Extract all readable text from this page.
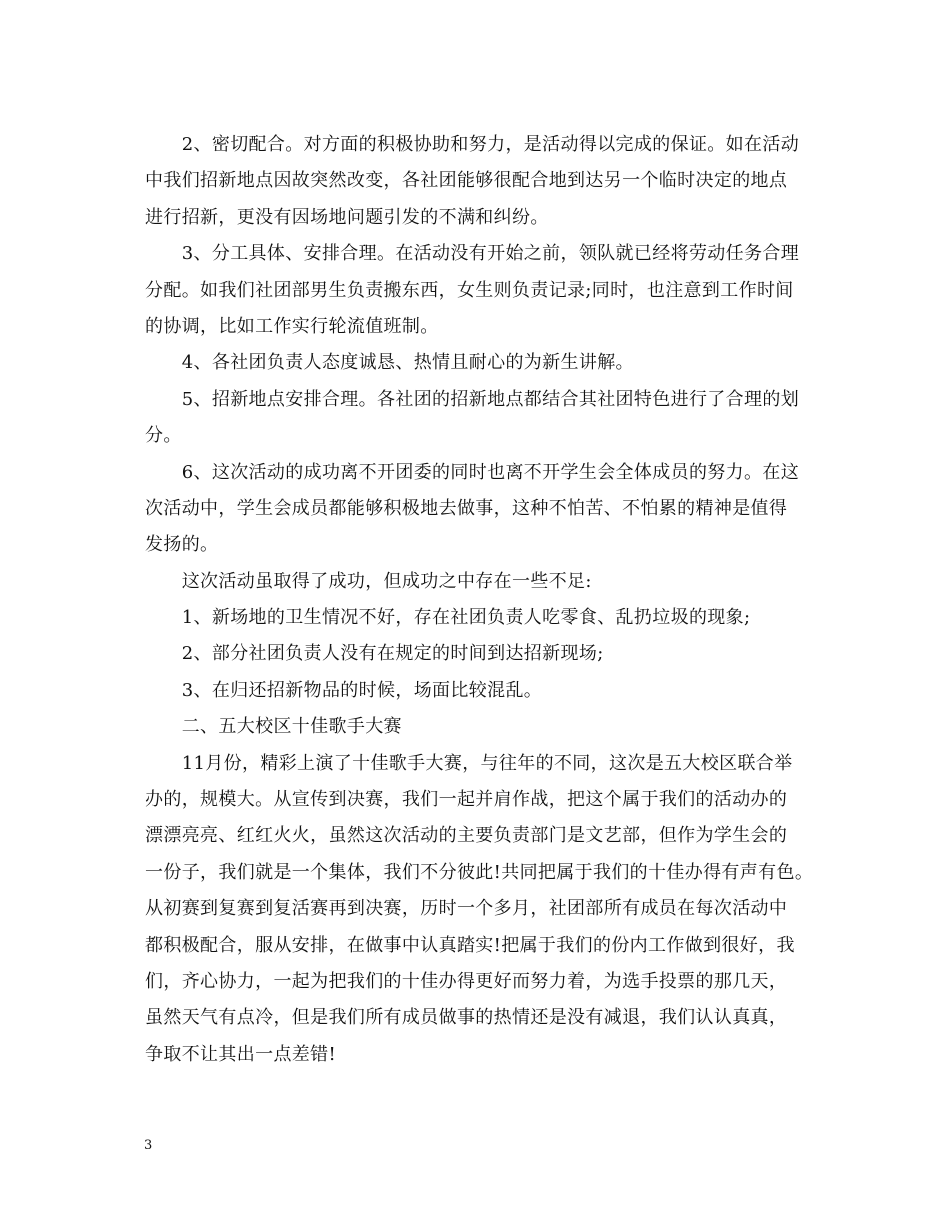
　　2、密切配合。对方面的积极协助和努力，是活动得以完成的保证。如在活动
中我们招新地点因故突然改变，各社团能够很配合地到达另一个临时决定的地点
进行招新，更没有因场地问题引发的不满和纠纷。
　　3、分工具体、安排合理。在活动没有开始之前，领队就已经将劳动任务合理
分配。如我们社团部男生负责搬东西，女生则负责记录;同时，也注意到工作时间
的协调，比如工作实行轮流值班制。
　　4、各社团负责人态度诚恳、热情且耐心的为新生讲解。
　　5、招新地点安排合理。各社团的招新地点都结合其社团特色进行了合理的划
分。
　　6、这次活动的成功离不开团委的同时也离不开学生会全体成员的努力。在这
次活动中，学生会成员都能够积极地去做事，这种不怕苦、不怕累的精神是值得
发扬的。
　　这次活动虽取得了成功，但成功之中存在一些不足:
　　1、新场地的卫生情况不好，存在社团负责人吃零食、乱扔垃圾的现象;
　　2、部分社团负责人没有在规定的时间到达招新现场;
　　3、在归还招新物品的时候，场面比较混乱。
　　二、五大校区十佳歌手大赛
　　11月份，精彩上演了十佳歌手大赛，与往年的不同，这次是五大校区联合举
办的，规模大。从宣传到决赛，我们一起并肩作战，把这个属于我们的活动办的
漂漂亮亮、红红火火，虽然这次活动的主要负责部门是文艺部，但作为学生会的
一份子，我们就是一个集体，我们不分彼此!共同把属于我们的十佳办得有声有色。
从初赛到复赛到复活赛再到决赛，历时一个多月，社团部所有成员在每次活动中
都积极配合，服从安排，在做事中认真踏实!把属于我们的份内工作做到很好，我
们，齐心协力，一起为把我们的十佳办得更好而努力着，为选手投票的那几天，
虽然天气有点冷，但是我们所有成员做事的热情还是没有减退，我们认认真真，
争取不让其出一点差错!
3
